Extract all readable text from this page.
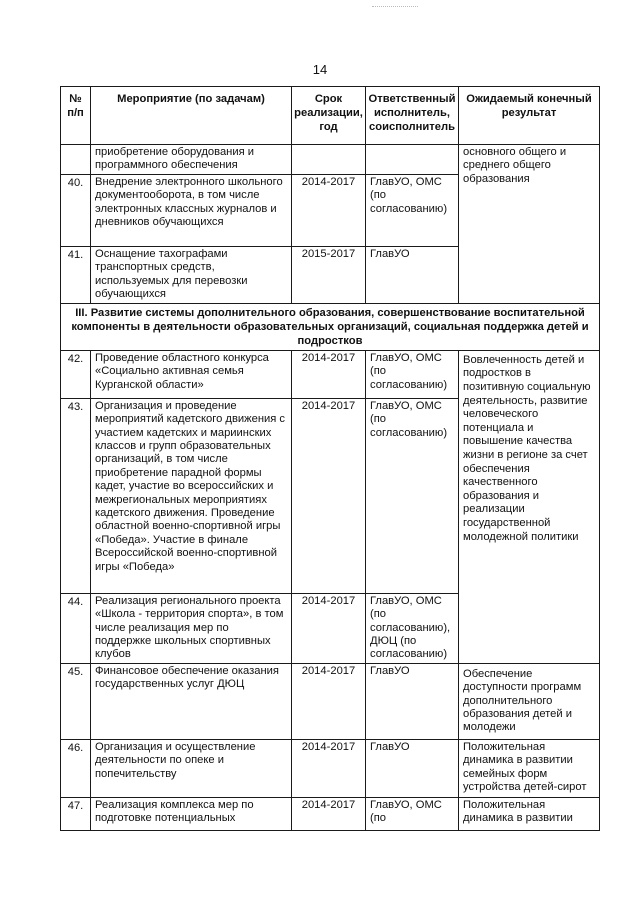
14
№ п/п	Мероприятие (по задачам)	Срок реализации, год	Ответственный исполнитель, соисполнитель	Ожидаемый конечный результат
	приобретение оборудования и программного обеспечения			основного общего и среднего общего образования
40.	Внедрение электронного школьного документооборота, в том числе электронных классных журналов и дневников обучающихся	2014-2017	ГлавУО, ОМС (по согласованию)	
41.	Оснащение тахографами транспортных средств, используемых для перевозки обучающихся	2015-2017	ГлавУО	
III. Развитие системы дополнительного образования, совершенствование воспитательной компоненты в деятельности образовательных организаций, социальная поддержка детей и подростков				
42.	Проведение областного конкурса «Социально активная семья Курганской области»	2014-2017	ГлавУО, ОМС (по согласованию)	Вовлеченность детей и подростков в позитивную социальную деятельность, развитие человеческого потенциала и повышение качества жизни в регионе за счет обеспечения качественного образования и реализации государственной молодежной политики
43.	Организация и проведение мероприятий кадетского движения с участием кадетских и мариинских классов и групп образовательных организаций, в том числе приобретение парадной формы кадет, участие во всероссийских и межрегиональных мероприятиях кадетского движения. Проведение областной военно-спортивной игры «Победа». Участие в финале Всероссийской военно-спортивной игры «Победа»	2014-2017	ГлавУО, ОМС (по согласованию)	
44.	Реализация регионального проекта «Школа - территория спорта», в том числе реализация мер по поддержке школьных спортивных клубов	2014-2017	ГлавУО, ОМС (по согласованию), ДЮЦ (по согласованию)	
45.	Финансовое обеспечение оказания государственных услуг ДЮЦ	2014-2017	ГлавУО	Обеспечение доступности программ дополнительного образования детей и молодежи
46.	Организация и осуществление деятельности по опеке и попечительству	2014-2017	ГлавУО	Положительная динамика в развитии семейных форм устройства детей-сирот
47.	Реализация комплекса мер по подготовке потенциальных	2014-2017	ГлавУО, ОМС (по	Положительная динамика в развитии
